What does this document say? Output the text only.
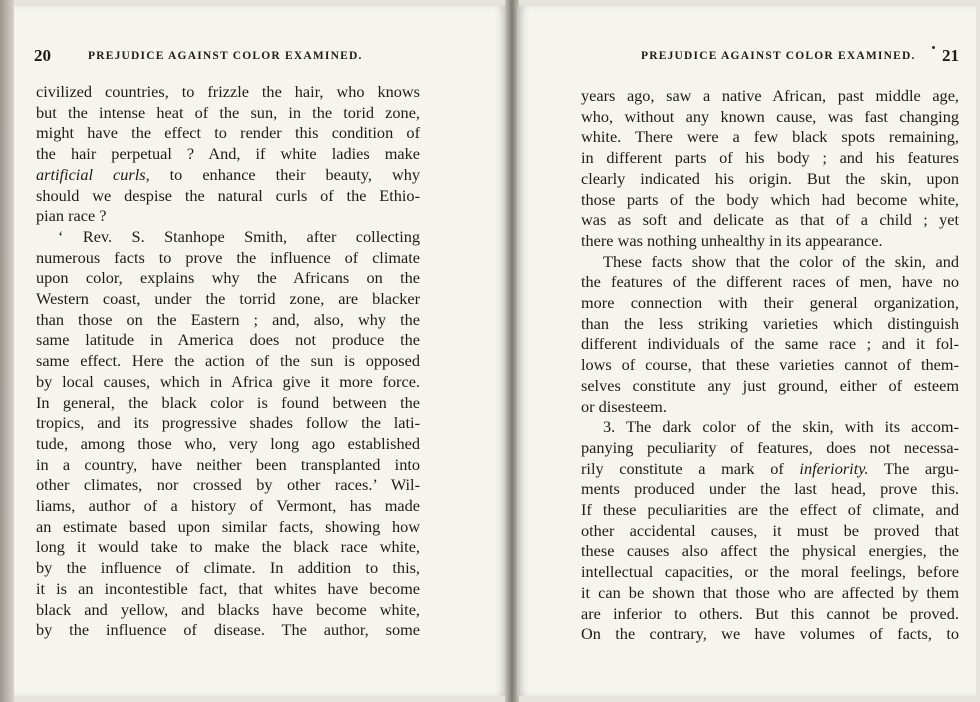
20	PREJUDICE AGAINST COLOR EXAMINED.
civilized countries, to frizzle the hair, who knows
but the intense heat of the sun, in the torid zone,
might have the effect to render this condition of
the hair perpetual ? And, if white ladies make
artificial curls, to enhance their beauty, why
should we despise the natural curls of the Ethio-
pian race ?
‘ Rev. S. Stanhope Smith, after collecting
numerous facts to prove the influence of climate
upon color, explains why the Africans on the
Western coast, under the torrid zone, are blacker
than those on the Eastern ; and, also, why the
same latitude in America does not produce the
same effect. Here the action of the sun is opposed
by local causes, which in Africa give it more force.
In general, the black color is found between the
tropics, and its progressive shades follow the lati-
tude, among those who, very long ago established
in a country, have neither been transplanted into
other climates, nor crossed by other races.’ Wil-
liams, author of a history of Vermont, has made
an estimate based upon similar facts, showing how
long it would take to make the black race white,
by the influence of climate. In addition to this,
it is an incontestible fact, that whites have become
black and yellow, and blacks have become white,
by the influence of disease. The author, some
PREJUDICE AGAINST COLOR EXAMINED. 21
years ago, saw a native African, past middle age,
who, without any known cause, was fast changing
white. There were a few black spots remaining,
in different parts of his body ; and his features
clearly indicated his origin. But the skin, upon
those parts of the body which had become white,
was as soft and delicate as that of a child ; yet
there was nothing unhealthy in its appearance.
These facts show that the color of the skin, and
the features of the different races of men, have no
more connection with their general organization,
than the less striking varieties which distinguish
different individuals of the same race ; and it fol-
lows of course, that these varieties cannot of them-
selves constitute any just ground, either of esteem
or disesteem.
3. The dark color of the skin, with its accom-
panying peculiarity of features, does not necessa-
rily constitute a mark of inferiority. The argu-
ments produced under the last head, prove this.
If these peculiarities are the effect of climate, and
other accidental causes, it must be proved that
these causes also affect the physical energies, the
intellectual capacities, or the moral feelings, before
it can be shown that those who are affected by them
are inferior to others. But this cannot be proved.
On the contrary, we have volumes of facts, to
